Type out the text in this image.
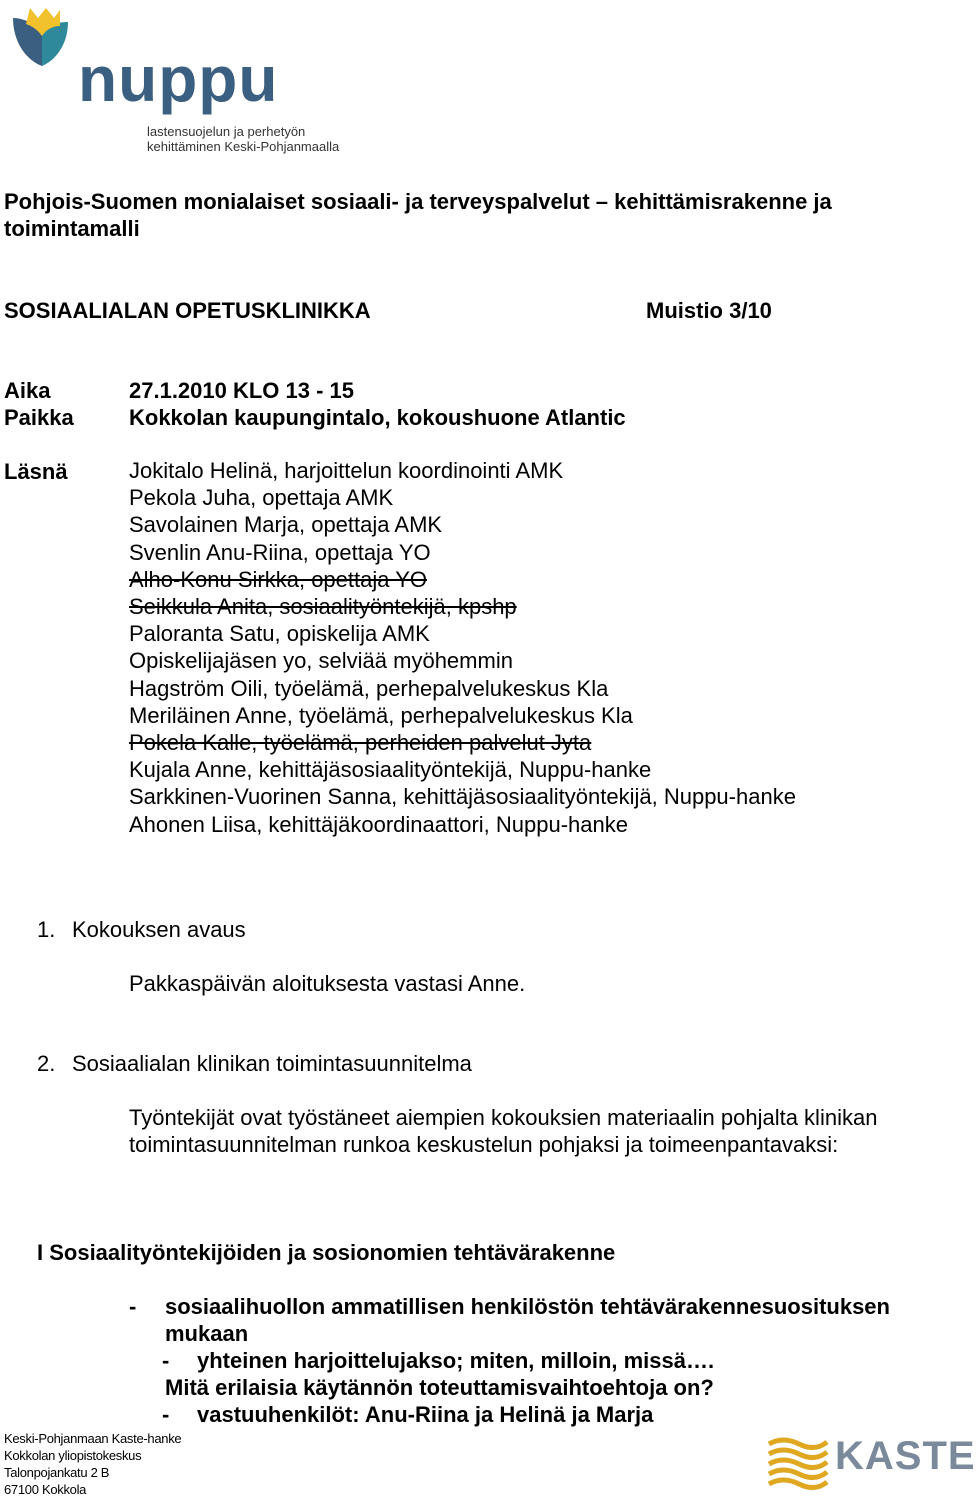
nuppu
lastensuojelun ja perhetyön
kehittäminen Keski-Pohjanmaalla
Pohjois-Suomen monialaiset sosiaali- ja terveyspalvelut – kehittämisrakenne ja toimintamalli
SOSIAALIALAN OPETUSKLINIKKA	Muistio 3/10
Aika	27.1.2010 KLO 13 - 15
Paikka	Kokkolan kaupungintalo, kokoushuone Atlantic
Läsnä	Jokitalo Helinä, harjoittelun koordinointi AMK
Pekola Juha, opettaja AMK
Savolainen Marja, opettaja AMK
Svenlin Anu-Riina, opettaja YO
Alho-Konu Sirkka, opettaja YO
Seikkula Anita, sosiaalityöntekijä, kpshp
Paloranta Satu, opiskelija AMK
Opiskelijajäsen yo, selviää myöhemmin
Hagström Oili, työelämä, perhepalvelukeskus Kla
Meriläinen Anne, työelämä, perhepalvelukeskus Kla
Pokela Kalle, työelämä, perheiden palvelut Jyta
Kujala Anne, kehittäjäsosiaalityöntekijä, Nuppu-hanke
Sarkkinen-Vuorinen Sanna, kehittäjäsosiaalityöntekijä, Nuppu-hanke
Ahonen Liisa, kehittäjäkoordinaattori, Nuppu-hanke
1. Kokouksen avaus
Pakkaspäivän aloituksesta vastasi Anne.
2. Sosiaalialan klinikan toimintasuunnitelma
Työntekijät ovat työstäneet aiempien kokouksien materiaalin pohjalta klinikan
toimintasuunnitelman runkoa keskustelun pohjaksi ja toimeenpantavaksi:
I Sosiaalityöntekijöiden ja sosionomien tehtävärakenne
- sosiaalihuollon ammatillisen henkilöstön tehtävärakennesuosituksen
mukaan
- yhteinen harjoittelujakso; miten, milloin, missä….
Mitä erilaisia käytännön toteuttamisvaihtoehtoja on?
- vastuuhenkilöt: Anu-Riina ja Helinä ja Marja
Keski-Pohjanmaan Kaste-hanke
Kokkolan yliopistokeskus
Talonpojankatu 2 B
67100 Kokkola
KASTE
